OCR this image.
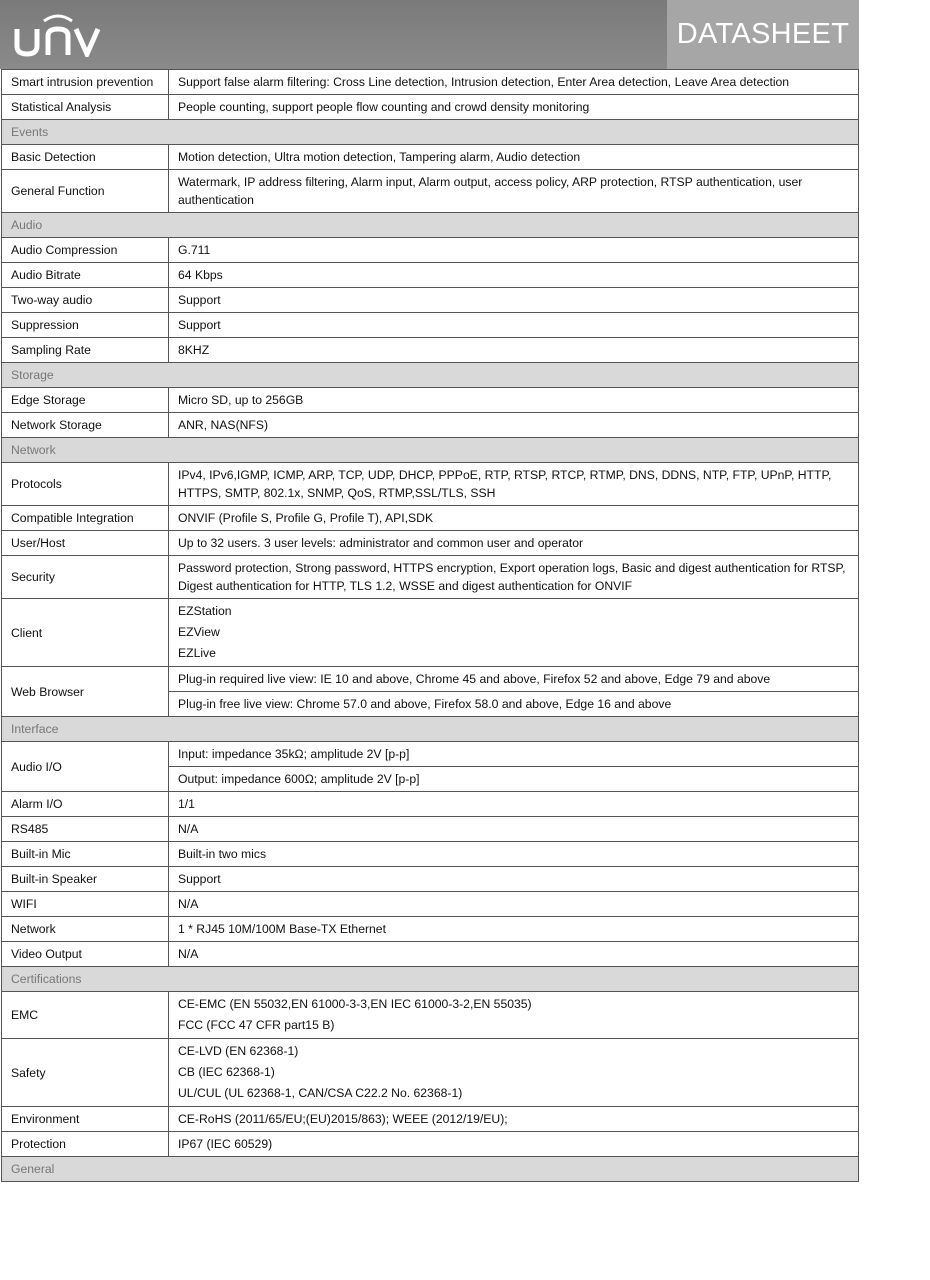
DATASHEET
Smart intrusion prevention	Support false alarm filtering: Cross Line detection, Intrusion detection, Enter Area detection, Leave Area detection
Statistical Analysis	People counting, support people flow counting and crowd density monitoring
Events	
Basic Detection	Motion detection, Ultra motion detection, Tampering alarm, Audio detection
General Function	Watermark, IP address filtering, Alarm input, Alarm output, access policy, ARP protection, RTSP authentication, user authentication

Audio	
Audio Compression	G.711
Audio Bitrate	64 Kbps
Two-way audio	Support
Suppression	Support
Sampling Rate	8KHZ
Storage	
Edge Storage	Micro SD, up to 256GB
Network Storage	ANR, NAS(NFS)
Network	
Protocols	IPv4, IPv6,IGMP, ICMP, ARP, TCP, UDP, DHCP, PPPoE, RTP, RTSP, RTCP, RTMP, DNS, DDNS, NTP, FTP, UPnP, HTTP, HTTPS, SMTP, 802.1x, SNMP, QoS, RTMP,SSL/TLS, SSH

Compatible Integration	ONVIF (Profile S, Profile G, Profile T), API,SDK
User/Host	Up to 32 users. 3 user levels: administrator and common user and operator
Security	Password protection, Strong password, HTTPS encryption, Export operation logs, Basic and digest authentication for RTSP, Digest authentication for HTTP, TLS 1.2, WSSE and digest authentication for ONVIF

Client	EZStation
EZView
EZLive

Web Browser	Plug-in required live view: IE 10 and above, Chrome 45 and above, Firefox 52 and above, Edge 79 and above
	Plug-in free live view: Chrome 57.0 and above, Firefox 58.0 and above, Edge 16 and above
Interface	
Audio I/O	Input: impedance 35kΩ; amplitude 2V [p-p]
	Output: impedance 600Ω; amplitude 2V [p-p]
Alarm I/O	1/1
RS485	N/A
Built-in Mic	Built-in two mics
Built-in Speaker	Support
WIFI	N/A
Network	1 * RJ45 10M/100M Base-TX Ethernet
Video Output	N/A
Certifications	
EMC	CE-EMC (EN 55032,EN 61000-3-3,EN IEC 61000-3-2,EN 55035)
FCC (FCC 47 CFR part15 B)

Safety	CE-LVD (EN 62368-1)
CB (IEC 62368-1)
UL/CUL (UL 62368-1, CAN/CSA C22.2 No. 62368-1)

Environment	CE-RoHS (2011/65/EU;(EU)2015/863); WEEE (2012/19/EU);
Protection	IP67 (IEC 60529)
General	
